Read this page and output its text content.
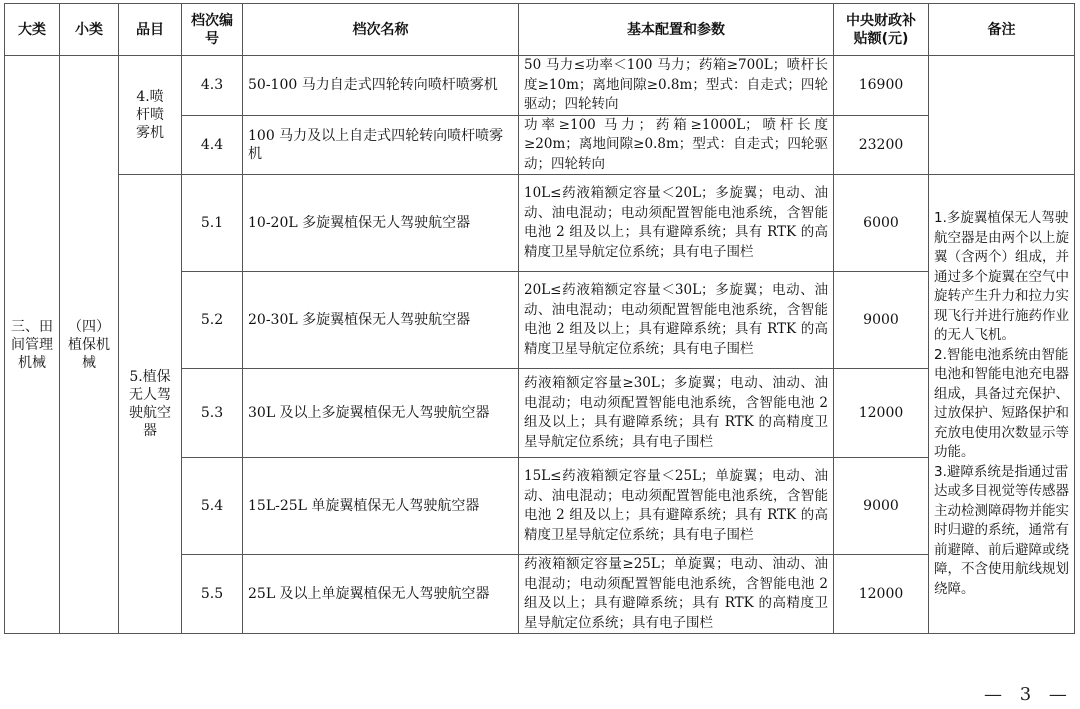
大类	小类	品目	档次编号	档次名称	基本配置和参数	中央财政补贴额(元)	备注
三、田间管理机械	（四）植保机械	4.喷杆喷雾机	4.3	50-100 马力自走式四轮转向喷杆喷雾机	50 马力≤功率＜100 马力；药箱≥700L；喷杆长度≥10m；离地间隙≥0.8m；型式：自走式；四轮驱动；四轮转向	16900	
			4.4	100 马力及以上自走式四轮转向喷杆喷雾机	功率≥100 马力；药箱≥1000L；喷杆长度≥20m；离地间隙≥0.8m；型式：自走式；四轮驱动；四轮转向	23200	
		5.植保无人驾驶航空器	5.1	10-20L 多旋翼植保无人驾驶航空器	10L≤药液箱额定容量＜20L；多旋翼；电动、油动、油电混动；电动须配置智能电池系统，含智能电池 2 组及以上；具有避障系统；具有 RTK 的高精度卫星导航定位系统；具有电子围栏	6000	1.多旋翼植保无人驾驶航空器是由两个以上旋翼（含两个）组成，并通过多个旋翼在空气中旋转产生升力和拉力实现飞行并进行施药作业的无人飞机。

2.智能电池系统由智能电池和智能电池充电器组成，具备过充保护、过放保护、短路保护和充放电使用次数显示等功能。

3.避障系统是指通过雷达或多目视觉等传感器主动检测障碍物并能实时归避的系统，通常有前避障、前后避障或绕障，不含使用航线规划绕障。

			5.2	20-30L 多旋翼植保无人驾驶航空器	20L≤药液箱额定容量＜30L；多旋翼；电动、油动、油电混动；电动须配置智能电池系统，含智能电池 2 组及以上；具有避障系统；具有 RTK 的高精度卫星导航定位系统；具有电子围栏	9000	
			5.3	30L 及以上多旋翼植保无人驾驶航空器	药液箱额定容量≥30L；多旋翼；电动、油动、油电混动；电动须配置智能电池系统，含智能电池 2 组及以上；具有避障系统；具有 RTK 的高精度卫星导航定位系统；具有电子围栏	12000	
			5.4	15L-25L 单旋翼植保无人驾驶航空器	15L≤药液箱额定容量＜25L；单旋翼；电动、油动、油电混动；电动须配置智能电池系统，含智能电池 2 组及以上；具有避障系统；具有 RTK 的高精度卫星导航定位系统；具有电子围栏	9000	
			5.5	25L 及以上单旋翼植保无人驾驶航空器	药液箱额定容量≥25L；单旋翼；电动、油动、油电混动；电动须配置智能电池系统，含智能电池 2 组及以上；具有避障系统；具有 RTK 的高精度卫星导航定位系统；具有电子围栏	12000	
— 3 —
